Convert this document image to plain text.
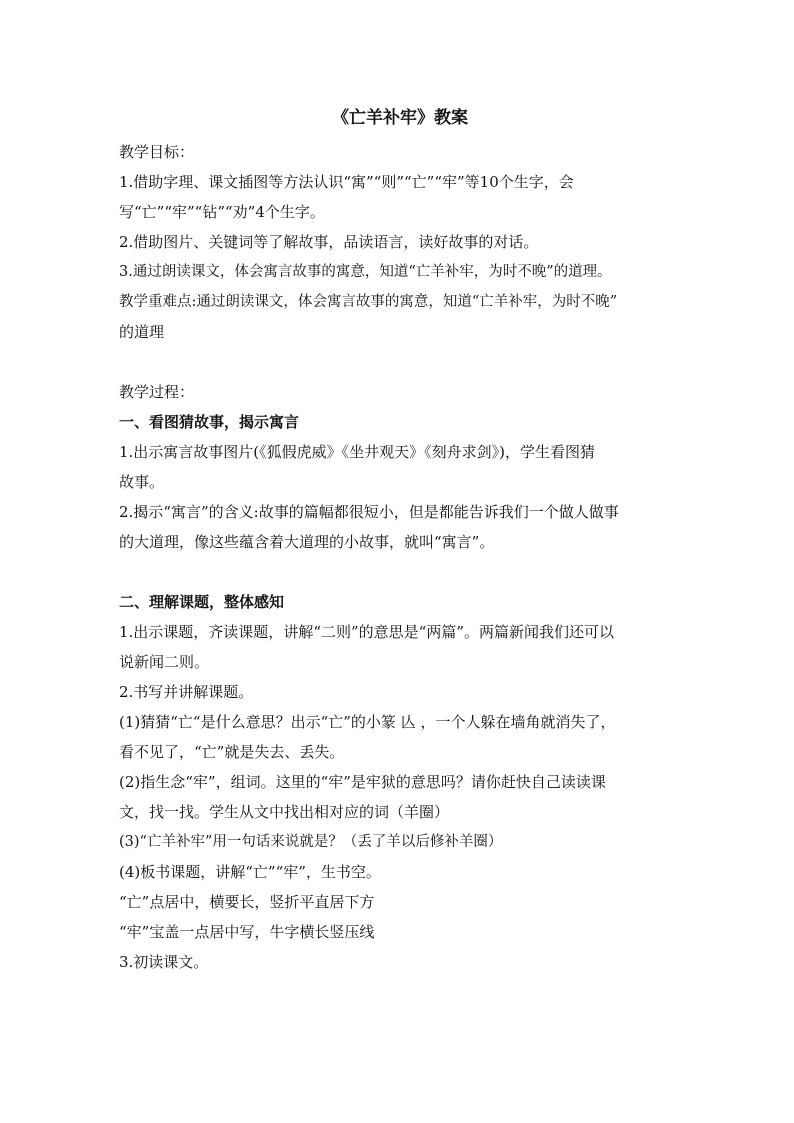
《亡羊补牢》教案
教学目标：
1.借助字理、课文插图等方法认识“寓”“则”“亡”“牢”等10个生字，会
写“亡”“牢”“钻”“劝”4个生字。
2.借助图片、关键词等了解故事，品读语言，读好故事的对话。
3.通过朗读课文，体会寓言故事的寓意，知道“亡羊补牢，为时不晚”的道理。
教学重难点:通过朗读课文，体会寓言故事的寓意，知道“亡羊补牢，为时不晚”
的道理
教学过程：
一、看图猜故事，揭示寓言
1.出示寓言故事图片(《狐假虎威》《坐井观天》《刻舟求剑》)，学生看图猜
故事。
2.揭示“寓言”的含义:故事的篇幅都很短小，但是都能告诉我们一个做人做事
的大道理，像这些蕴含着大道理的小故事，就叫“寓言”。
二、理解课题，整体感知
1.出示课题，齐读课题，讲解“二则”的意思是“两篇”。两篇新闻我们还可以
说新闻二则。
2.书写并讲解课题。
(1)猜猜“亡“是什么意思？出示“亡”的小篆 亾 ，一个人躲在墙角就消失了，
看不见了，“亡”就是失去、丢失。
(2)指生念“牢”，组词。这里的“牢”是牢狱的意思吗？请你赶快自己读读课
文，找一找。学生从文中找出相对应的词（羊圈）
(3)“亡羊补牢”用一句话来说就是？（丢了羊以后修补羊圈）
(4)板书课题，讲解“亡”“牢”，生书空。
“亡”点居中，横要长，竖折平直居下方
“牢”宝盖一点居中写，牛字横长竖压线
3.初读课文。
